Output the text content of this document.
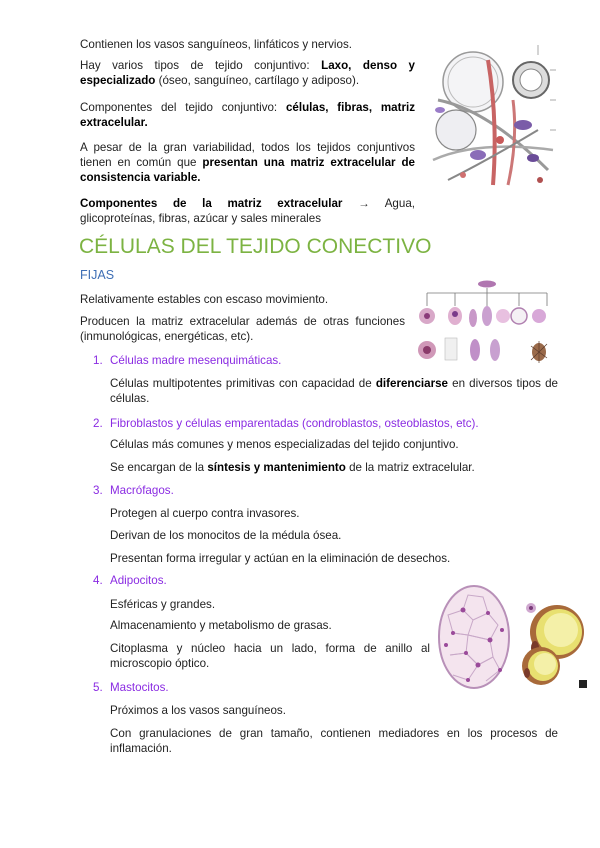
Contienen los vasos sanguíneos, linfáticos y nervios.

Hay varios tipos de tejido conjuntivo: Laxo, denso y especializado (óseo, sanguíneo, cartílago y adiposo).

Componentes del tejido conjuntivo: células, fibras, matriz extracelular.

A pesar de la gran variabilidad, todos los tejidos conjuntivos tienen en común que presentan una matriz extracelular de consistencia variable.

Componentes de la matriz extracelular → Agua, glicoproteínas, fibras, azúcar y sales minerales

CÉLULAS DEL TEJIDO CONECTIVO
FIJAS

Relativamente estables con escaso movimiento.

Producen la matriz extracelular además de otras funciones (inmunológicas, energéticas, etc).

1. Células madre mesenquimáticas.

Células multipotentes primitivas con capacidad de diferenciarse en diversos tipos de células.

2. Fibroblastos y células emparentadas (condroblastos, osteoblastos, etc).

Células más comunes y menos especializadas del tejido conjuntivo.

Se encargan de la síntesis y mantenimiento de la matriz extracelular.

3. Macrófagos.

Protegen al cuerpo contra invasores.

Derivan de los monocitos de la médula ósea.

Presentan forma irregular y actúan en la eliminación de desechos.

4. Adipocitos.

Esféricas y grandes.

Almacenamiento y metabolismo de grasas.

Citoplasma y núcleo hacia un lado, forma de anillo al microscopio óptico.

5. Mastocitos.

Próximos a los vasos sanguíneos.

Con granulaciones de gran tamaño, contienen mediadores en los procesos de inflamación.
